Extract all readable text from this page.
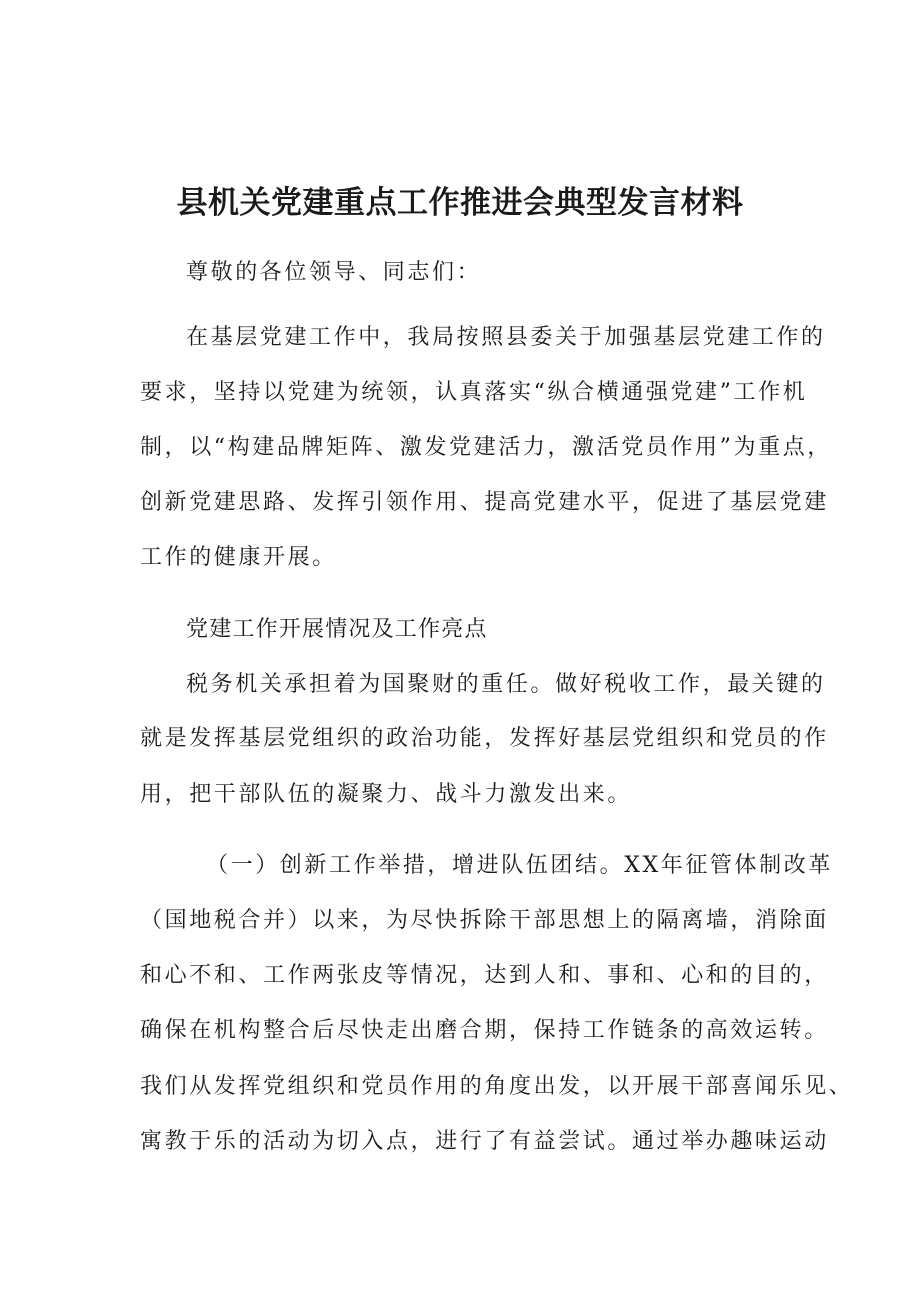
县机关党建重点工作推进会典型发言材料

尊敬的各位领导、同志们：

在基层党建工作中，我局按照县委关于加强基层党建工作的

要求，坚持以党建为统领，认真落实“纵合横通强党建”工作机

制，以“构建品牌矩阵、激发党建活力，激活党员作用”为重点，

创新党建思路、发挥引领作用、提高党建水平，促进了基层党建

工作的健康开展。

党建工作开展情况及工作亮点

税务机关承担着为国聚财的重任。做好税收工作，最关键的

就是发挥基层党组织的政治功能，发挥好基层党组织和党员的作

用，把干部队伍的凝聚力、战斗力激发出来。

（一）创新工作举措，增进队伍团结。XX年征管体制改革

（国地税合并）以来，为尽快拆除干部思想上的隔离墙，消除面

和心不和、工作两张皮等情况，达到人和、事和、心和的目的，

确保在机构整合后尽快走出磨合期，保持工作链条的高效运转。

我们从发挥党组织和党员作用的角度出发，以开展干部喜闻乐见、

寓教于乐的活动为切入点，进行了有益尝试。通过举办趣味运动
